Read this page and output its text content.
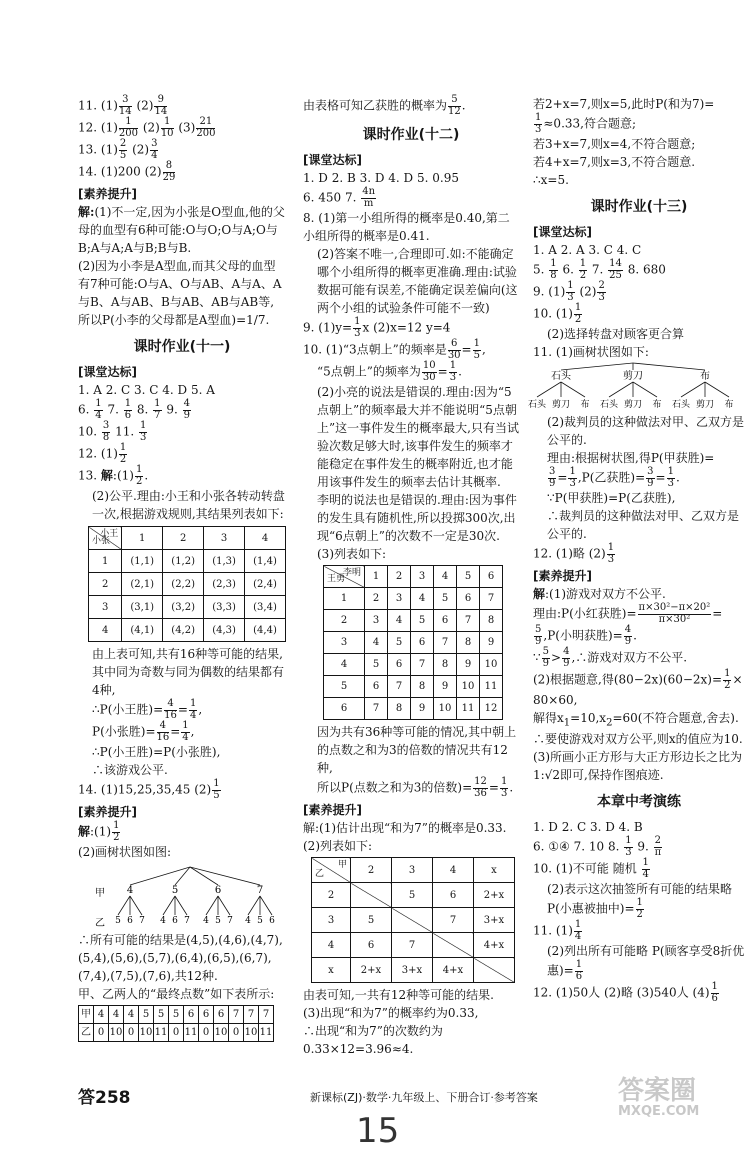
11. $(1) \frac{3}{14} (2) \frac{9}{14}$
12. $(1) \frac{1}{200} (2) \frac{1}{10} (3) \frac{21}{200}$
13. $(1) \frac{2}{5} (2) \frac{3}{4}$
14. (1)200 $(2) \frac{8}{29}$
[素养提升]
解:(1)不一定,因为小张是O型血,他的父母的血型有6种可能:O与O;O与A;O与B;A与A;A与B;B与B.
(2)因为小李是A型血,而其父母的血型有7种可能:O与A、O与AB、A与A、A与B、A与AB、B与AB、AB与AB等,所以P(小李的父母都是A型血)=1/7.
课时作业(十一)
[课堂达标]
1. A 2. C 3. C 4. D 5. A
6. $\frac{1}{4} 7$. $\frac{1}{6} 8$. $\frac{1}{7} 9$. $\frac{4}{9}$
10. $\frac{3}{8} 11$. $\frac{1}{3}$
12. $(1) \frac{1}{2}$
13. 解:(1) $\frac{1}{2}$ .
(2)公平.理由:小王和小张各转动转盘一次,根据游戏规则,其结果列表如下:
小王
小张	1	2	3	4
1	(1,1)	(1,2)	(1,3)	(1,4)
2	(2,1)	(2,2)	(2,3)	(2,4)
3	(3,1)	(3,2)	(3,3)	(3,4)
4	(4,1)	(4,2)	(4,3)	(4,4)
由上表可知,共有16种等可能的结果,其中同为奇数与同为偶数的结果都有4种,
∴P(小王胜)= $\frac{4}{16} = \frac{1}{4}$ ,
P(小张胜)= $\frac{4}{16} = \frac{1}{4}$ ,
∴P(小王胜)=P(小张胜),
∴该游戏公平.
14. (1)15,25,35,45 $(2) \frac{1}{5}$
[素养提升]
解:(1) $\frac{1}{2}$
(2)画树状图如图:
甲
乙
4
5 6 7
5
4 6 7
6
4 5 7
7
4 5 6
∴所有可能的结果是(4,5),(4,6),(4,7),
(5,4),(5,6),(5,7),(6,4),(6,5),(6,7),
(7,4),(7,5),(7,6),共12种.
甲、乙两人的“最终点数”如下表所示:
甲	4	4	4	5	5	5	6	6	6	7	7	7
乙	0	10	0	10	11	0	11	0	10	0	10	11
由表格可知乙获胜的概率为 $\frac{5}{12}$ .
课时作业(十二)
[课堂达标]
1. D 2. B 3. D 4. D 5. 0.95
6. 450 7. $\frac{4n}{m}$
8. (1)第一小组所得的概率是0.40,第二小组所得的概率是0.41.
(2)答案不唯一,合理即可.如:不能确定哪个小组所得的概率更准确.理由:试验数据可能有误差,不能确定误差偏向(这两个小组的试验条件可能不一致)
9. $(1)y= \frac{1}{3}$ x (2)x=12 y=4
10. (1)“3点朝上”的频率是 $\frac{6}{30} = \frac{1}{5}$ ,
“5点朝上”的频率为 $\frac{10}{30} = \frac{1}{3}$ .
(2)小亮的说法是错误的.理由:因为“5点朝上”的频率最大并不能说明“5点朝上”这一事件发生的概率最大,只有当试验次数足够大时,该事件发生的频率才能稳定在事件发生的概率附近,也才能用该事件发生的频率去估计其概率.
李明的说法也是错误的.理由:因为事件的发生具有随机性,所以投掷300次,出现“6点朝上”的次数不一定是30次.
(3)列表如下:
李明
王勇	1	2	3	4	5	6
1	2	3	4	5	6	7
2	3	4	5	6	7	8
3	4	5	6	7	8	9
4	5	6	7	8	9	10
5	6	7	8	9	10	11
6	7	8	9	10	11	12
因为共有36种等可能的情况,其中朝上的点数之和为3的倍数的情况共有12种,
所以P(点数之和为3的倍数)= $\frac{12}{36} = \frac{1}{3}$ .
[素养提升]
解:(1)估计出现“和为7”的概率是0.33.
(2)列表如下:
甲
乙	2	3	4	x
2		5	6	2+x
3	5		7	3+x
4	6	7		4+x
x	2+x	3+x	4+x	
由表可知,一共有12种等可能的结果.
(3)出现“和为7”的概率约为0.33,
∴出现“和为7”的次数约为0.33×12=3.96≈4.
若2+x=7,则x=5,此时P(和为7)=
$\frac{1}{3} \approx 0.33$,符合题意;
若3+x=7,则x=4,不符合题意;
若4+x=7,则x=3,不符合题意.
∴x=5.
课时作业(十三)
[课堂达标]
1. A 2. A 3. C 4. C
5. $\frac{1}{8} 6$. $\frac{1}{2} 7$. $\frac{14}{25} 8$. 680
9. $(1) \frac{1}{3} (2) \frac{2}{3}$
10. $(1) \frac{1}{2}$
(2)选择转盘对顾客更合算
11. (1)画树状图如下:
石头
石头 剪刀 布
剪刀
石头 剪刀 布
布
石头 剪刀 布
(2)裁判员的这种做法对甲、乙双方是公平的.
理由:根据树状图,得P(甲获胜)=
$\frac{3}{9} = \frac{1}{3} ,P$(乙获胜)= $\frac{3}{9} = \frac{1}{3}$ .
∵P(甲获胜)=P(乙获胜),
∴裁判员的这种做法对甲、乙双方是公平的.
12. (1)略 $(2) \frac{1}{3}$
[素养提升]
解:(1)游戏对双方不公平.
理由:P(小红获胜)= $\frac{\text{π×30²−π×20²}}{\text{π×30²}}$ =
$\frac{5}{9} ,P$(小明获胜)= $\frac{4}{9}$ .
∵ $\frac{5}{9} > \frac{4}{9}$ ,∴游戏对双方不公平.
(2)根据题意,得$(80-2x)(60-2x)= \frac{1}{2}$ ×
80×60,
解得$x_1=10,x_2=60$(不符合题意,舍去).
∴要使游戏对双方公平,则x的值应为10.
(3)所画小正方形与大正方形边长之比为1:√2即可,保持作图痕迹.
本章中考演练
1. D 2. C 3. D 4. B
6. ①④ 7. 10 8. $\frac{1}{3} 9$. $\frac{2}{\pi}$
10. (1)不可能 随机 $\frac{1}{4}$
(2)表示这次抽签所有可能的结果略
P(小惠被抽中)= $\frac{1}{2}$
11. $(1) \frac{1}{4}$
(2)列出所有可能略 P(顾客享受8折优惠)= $\frac{1}{6}$
12. (1)50人 (2)略 (3)540人 $(4) \frac{1}{6}$
答258	新课标(ZJ)·数学·九年级上、下册合订·参考答案
15
答案圈
MXQE.COM
